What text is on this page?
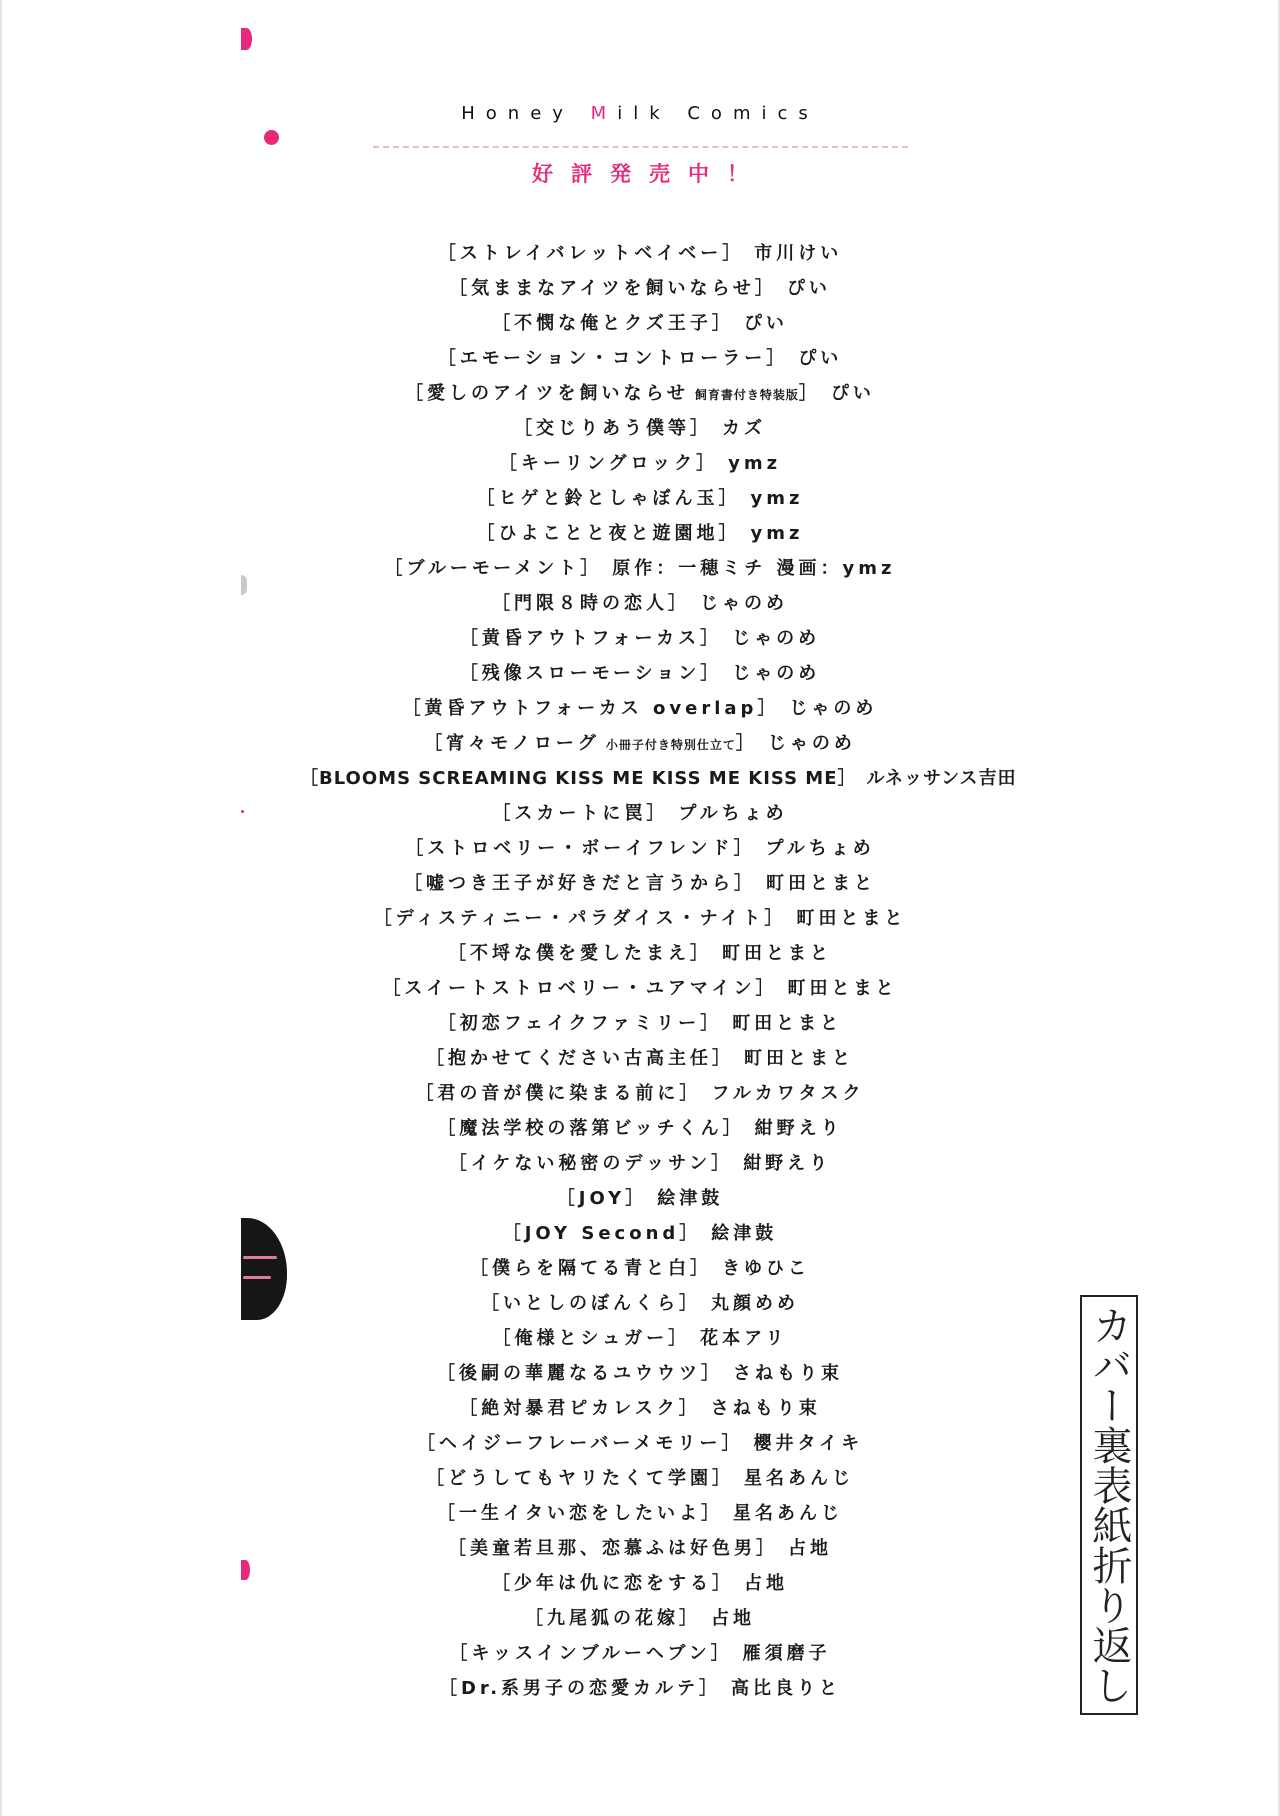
Honey Milk Comics
好評発売中！
［ストレイバレットベイベー］ 市川けい
［気ままなアイツを飼いならせ］ ぴい
［不憫な俺とクズ王子］ ぴい
［エモーション・コントローラー］ ぴい
［愛しのアイツを飼いならせ 飼育書付き特装版］ ぴい
［交じりあう僕等］ カズ
［キーリングロック］ ymz
［ヒゲと鈴としゃぼん玉］ ymz
［ひよことと夜と遊園地］ ymz
［ブルーモーメント］ 原作：一穂ミチ 漫画：ymz
［門限８時の恋人］ じゃのめ
［黄昏アウトフォーカス］ じゃのめ
［残像スローモーション］ じゃのめ
［黄昏アウトフォーカス overlap］ じゃのめ
［宵々モノローグ 小冊子付き特別仕立て］ じゃのめ
［BLOOMS SCREAMING KISS ME KISS ME KISS ME］ ルネッサンス吉田
［スカートに罠］ プルちょめ
［ストロベリー・ボーイフレンド］ プルちょめ
［嘘つき王子が好きだと言うから］ 町田とまと
［ディスティニー・パラダイス・ナイト］ 町田とまと
［不埒な僕を愛したまえ］ 町田とまと
［スイートストロベリー・ユアマイン］ 町田とまと
［初恋フェイクファミリー］ 町田とまと
［抱かせてください古高主任］ 町田とまと
［君の音が僕に染まる前に］ フルカワタスク
［魔法学校の落第ビッチくん］ 紺野えり
［イケない秘密のデッサン］ 紺野えり
［JOY］ 絵津鼓
［JOY Second］ 絵津鼓
［僕らを隔てる青と白］ きゆひこ
［いとしのぼんくら］ 丸顔めめ
［俺様とシュガー］ 花本アリ
［後嗣の華麗なるユウウツ］ さねもり束
［絶対暴君ピカレスク］ さねもり束
［ヘイジーフレーバーメモリー］ 櫻井タイキ
［どうしてもヤリたくて学園］ 星名あんじ
［一生イタい恋をしたいよ］ 星名あんじ
［美童若旦那、恋慕ふは好色男］ 占地
［少年は仇に恋をする］ 占地
［九尾狐の花嫁］ 占地
［キッスインブルーヘブン］ 雁須磨子
［Dr.系男子の恋愛カルテ］ 高比良りと	カバー裏表紙折り返し
